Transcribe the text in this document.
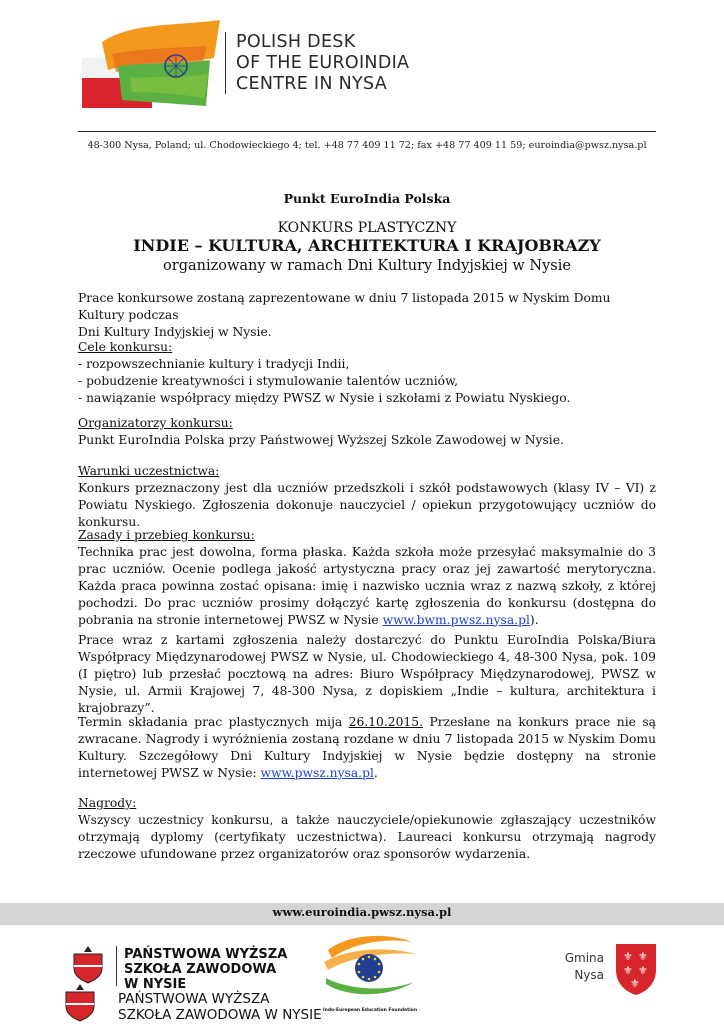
POLISH DESK
OF THE EUROINDIA
CENTRE IN NYSA
48-300 Nysa, Poland; ul. Chodowieckiego 4; tel. +48 77 409 11 72; fax +48 77 409 11 59; euroindia@pwsz.nysa.pl
Punkt EuroIndia Polska
KONKURS PLASTYCZNY
INDIE – KULTURA, ARCHITEKTURA I KRAJOBRAZY
organizowany w ramach Dni Kultury Indyjskiej w Nysie
Prace konkursowe zostaną zaprezentowane w dniu 7 listopada 2015 w Nyskim Domu Kultury podczas
Dni Kultury Indyjskiej w Nysie.
Cele konkursu:
- rozpowszechnianie kultury i tradycji Indii,
- pobudzenie kreatywności i stymulowanie talentów uczniów,
- nawiązanie współpracy między PWSZ w Nysie i szkołami z Powiatu Nyskiego.
Organizatorzy konkursu:
Punkt EuroIndia Polska przy Państwowej Wyższej Szkole Zawodowej w Nysie.
Warunki uczestnictwa:
Konkurs przeznaczony jest dla uczniów przedszkoli i szkół podstawowych (klasy IV – VI) z Powiatu Nyskiego. Zgłoszenia dokonuje nauczyciel / opiekun przygotowujący uczniów do konkursu.
Zasady i przebieg konkursu:
Technika prac jest dowolna, forma płaska. Każda szkoła może przesyłać maksymalnie do 3 prac uczniów. Ocenie podlega jakość artystyczna pracy oraz jej zawartość merytoryczna. Każda praca powinna zostać opisana: imię i nazwisko ucznia wraz z nazwą szkoły, z której pochodzi. Do prac uczniów prosimy dołączyć kartę zgłoszenia do konkursu (dostępna do pobrania na stronie internetowej PWSZ w Nysie www.bwm.pwsz.nysa.pl).
Prace wraz z kartami zgłoszenia należy dostarczyć do Punktu EuroIndia Polska/Biura Współpracy Międzynarodowej PWSZ w Nysie, ul. Chodowieckiego 4, 48-300 Nysa, pok. 109 (I piętro) lub przesłać pocztową na adres: Biuro Współpracy Międzynarodowej, PWSZ w Nysie, ul. Armii Krajowej 7, 48-300 Nysa, z dopiskiem „Indie – kultura, architektura i krajobrazy”.
Termin składania prac plastycznych mija 26.10.2015. Przesłane na konkurs prace nie są zwracane. Nagrody i wyróżnienia zostaną rozdane w dniu 7 listopada 2015 w Nyskim Domu Kultury. Szczegółowy Dni Kultury Indyjskiej w Nysie będzie dostępny na stronie internetowej PWSZ w Nysie: www.pwsz.nysa.pl.
Nagrody:
Wszyscy uczestnicy konkursu, a także nauczyciele/opiekunowie zgłaszający uczestników otrzymają dyplomy (certyfikaty uczestnictwa). Laureaci konkursu otrzymają nagrody rzeczowe ufundowane przez organizatorów oraz sponsorów wydarzenia.
www.euroindia.pwsz.nysa.pl
PAŃSTWOWA WYŻSZA
SZKOŁA ZAWODOWA
W NYSIE
PAŃSTWOWA WYŻSZA
SZKOŁA ZAWODOWA W NYSIE Indo-European Education Foundation
Gmina
Nysa
⚜ ⚜
⚜ ⚜
⚜
